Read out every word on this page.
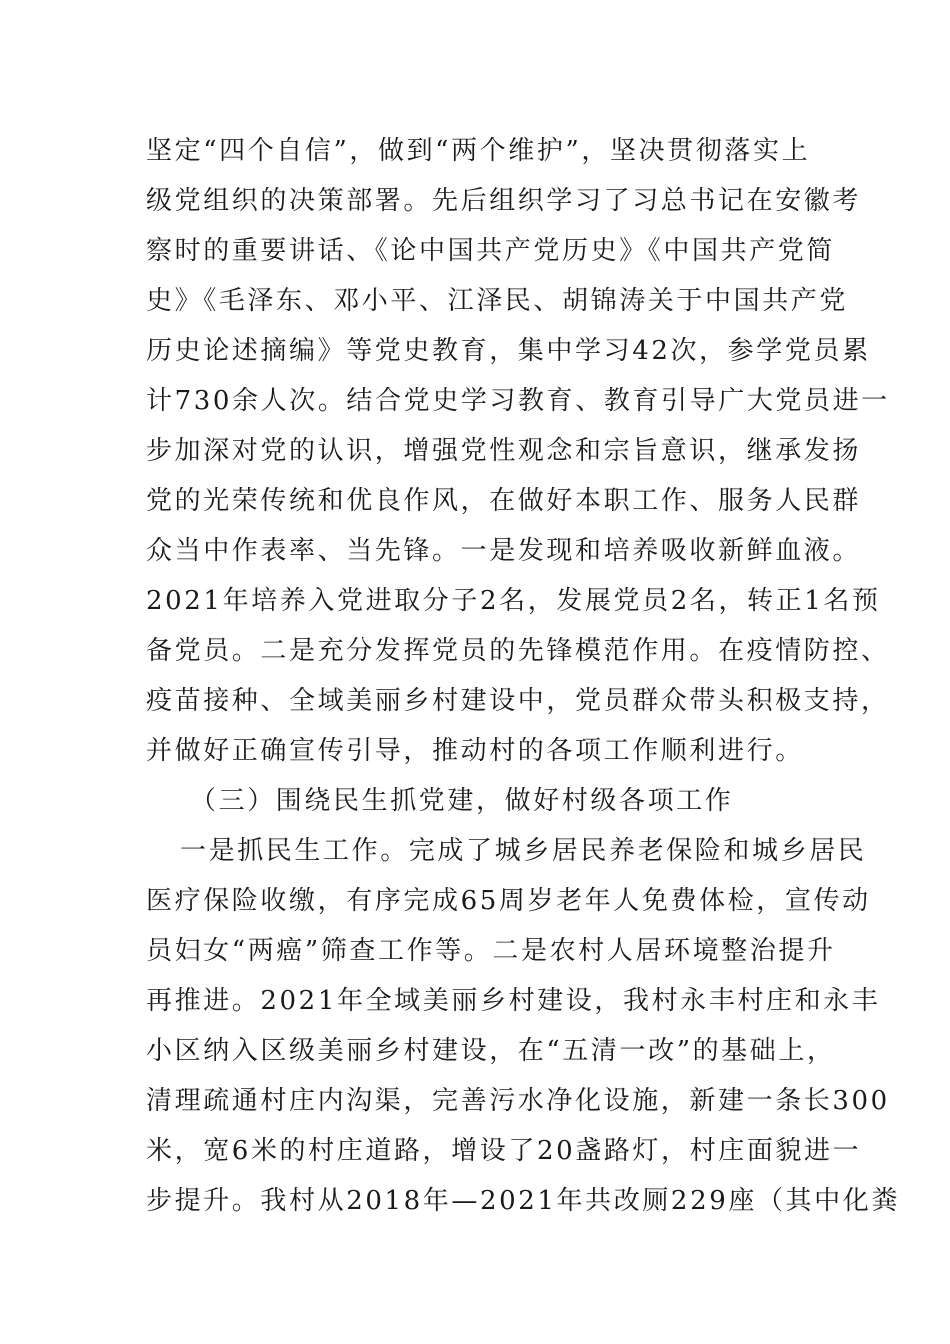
坚定“四个自信”，做到“两个维护”，坚决贯彻落实上
级党组织的决策部署。先后组织学习了习总书记在安徽考
察时的重要讲话、《论中国共产党历史》《中国共产党简
史》《毛泽东、邓小平、江泽民、胡锦涛关于中国共产党
历史论述摘编》等党史教育，集中学习42次，参学党员累
计730余人次。结合党史学习教育、教育引导广大党员进一
步加深对党的认识，增强党性观念和宗旨意识，继承发扬
党的光荣传统和优良作风，在做好本职工作、服务人民群
众当中作表率、当先锋。一是发现和培养吸收新鲜血液。
2021年培养入党进取分子2名，发展党员2名，转正1名预
备党员。二是充分发挥党员的先锋模范作用。在疫情防控、
疫苗接种、全域美丽乡村建设中，党员群众带头积极支持，
并做好正确宣传引导，推动村的各项工作顺利进行。
（三）围绕民生抓党建，做好村级各项工作
一是抓民生工作。完成了城乡居民养老保险和城乡居民
医疗保险收缴，有序完成65周岁老年人免费体检，宣传动
员妇女“两癌”筛查工作等。二是农村人居环境整治提升
再推进。2021年全域美丽乡村建设，我村永丰村庄和永丰
小区纳入区级美丽乡村建设，在“五清一改”的基础上，
清理疏通村庄内沟渠，完善污水净化设施，新建一条长300
米，宽6米的村庄道路，增设了20盏路灯，村庄面貌进一
步提升。我村从2018年—2021年共改厕229座（其中化粪
